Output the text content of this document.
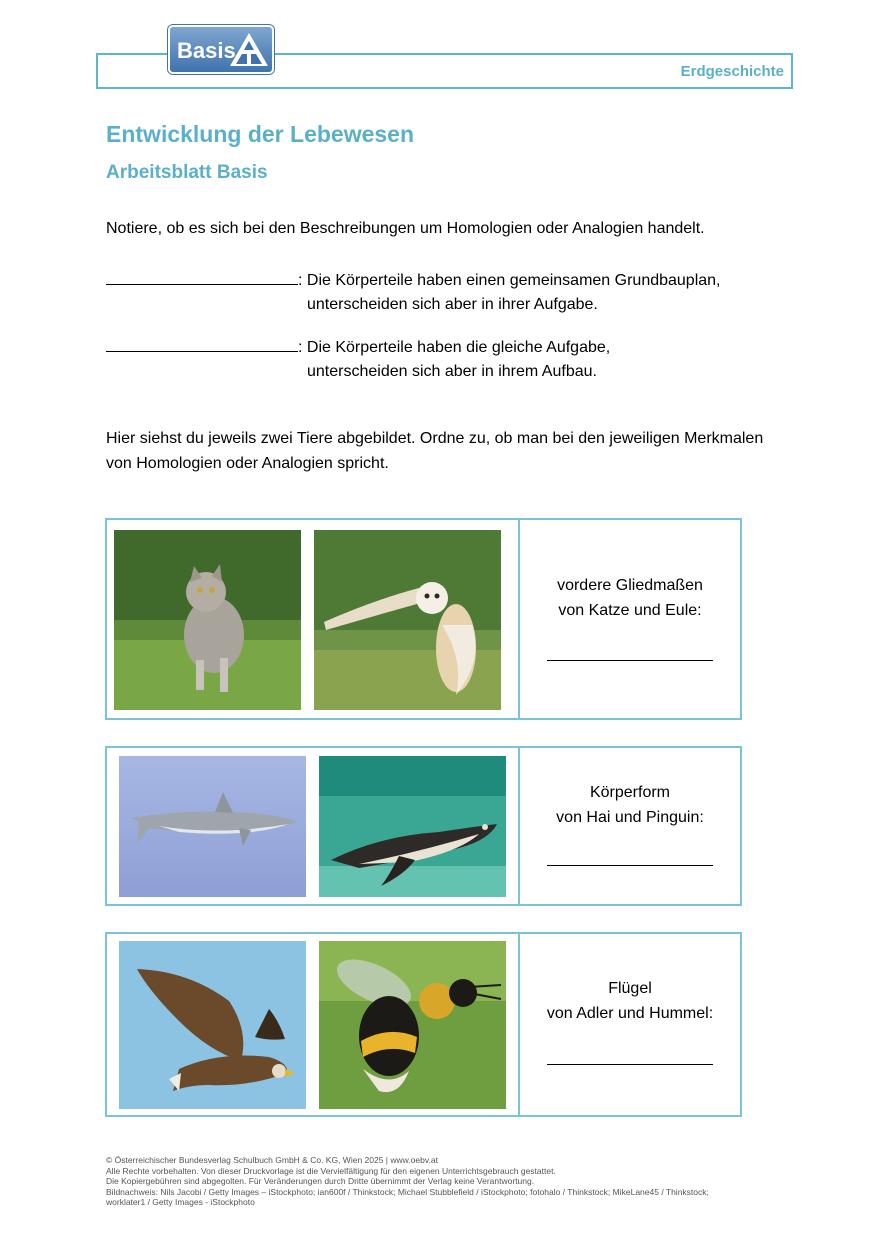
Basis
Erdgeschichte
Entwicklung der Lebewesen
Arbeitsblatt Basis
Notiere, ob es sich bei den Beschreibungen um Homologien oder Analogien handelt.
: Die Körperteile haben einen gemeinsamen Grundbauplan,
unterscheiden sich aber in ihrer Aufgabe.
: Die Körperteile haben die gleiche Aufgabe,
unterscheiden sich aber in ihrem Aufbau.
Hier siehst du jeweils zwei Tiere abgebildet. Ordne zu, ob man bei den jeweiligen Merkmalen
von Homologien oder Analogien spricht.
vordere Gliedmaßen
von Katze und Eule:
Körperform
von Hai und Pinguin:
Flügel
von Adler und Hummel:
© Österreichischer Bundesverlag Schulbuch GmbH & Co. KG, Wien 2025 | www.oebv.at
Alle Rechte vorbehalten. Von dieser Druckvorlage ist die Vervielfältigung für den eigenen Unterrichtsgebrauch gestattet.
Die Kopiergebühren sind abgegolten. Für Veränderungen durch Dritte übernimmt der Verlag keine Verantwortung.
Bildnachweis: Nils Jacobi / Getty Images – iStockphoto; ian600f / Thinkstock; Michael Stubblefield / iStockphoto; fotohalo / Thinkstock; MikeLane45 / Thinkstock;
worklater1 / Getty Images - iStockphoto
